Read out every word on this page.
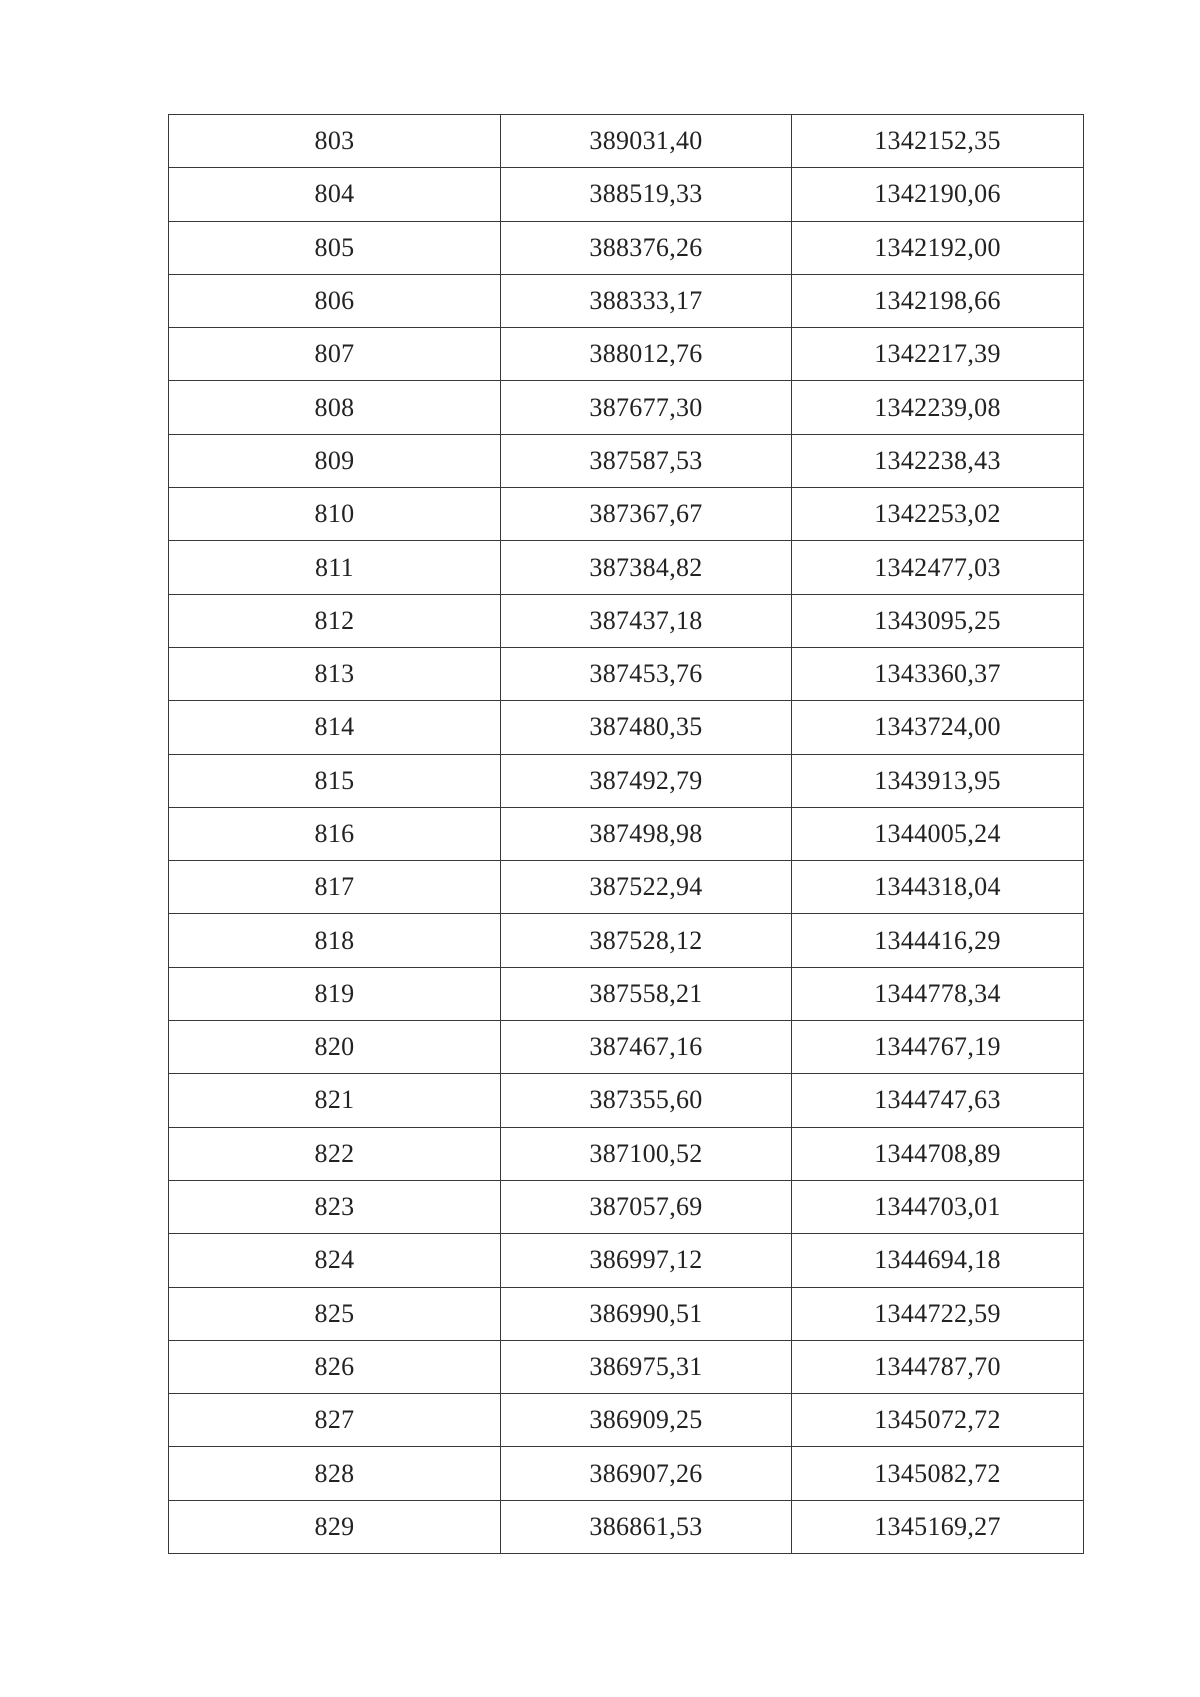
803	389031,40	1342152,35
804	388519,33	1342190,06
805	388376,26	1342192,00
806	388333,17	1342198,66
807	388012,76	1342217,39
808	387677,30	1342239,08
809	387587,53	1342238,43
810	387367,67	1342253,02
811	387384,82	1342477,03
812	387437,18	1343095,25
813	387453,76	1343360,37
814	387480,35	1343724,00
815	387492,79	1343913,95
816	387498,98	1344005,24
817	387522,94	1344318,04
818	387528,12	1344416,29
819	387558,21	1344778,34
820	387467,16	1344767,19
821	387355,60	1344747,63
822	387100,52	1344708,89
823	387057,69	1344703,01
824	386997,12	1344694,18
825	386990,51	1344722,59
826	386975,31	1344787,70
827	386909,25	1345072,72
828	386907,26	1345082,72
829	386861,53	1345169,27
